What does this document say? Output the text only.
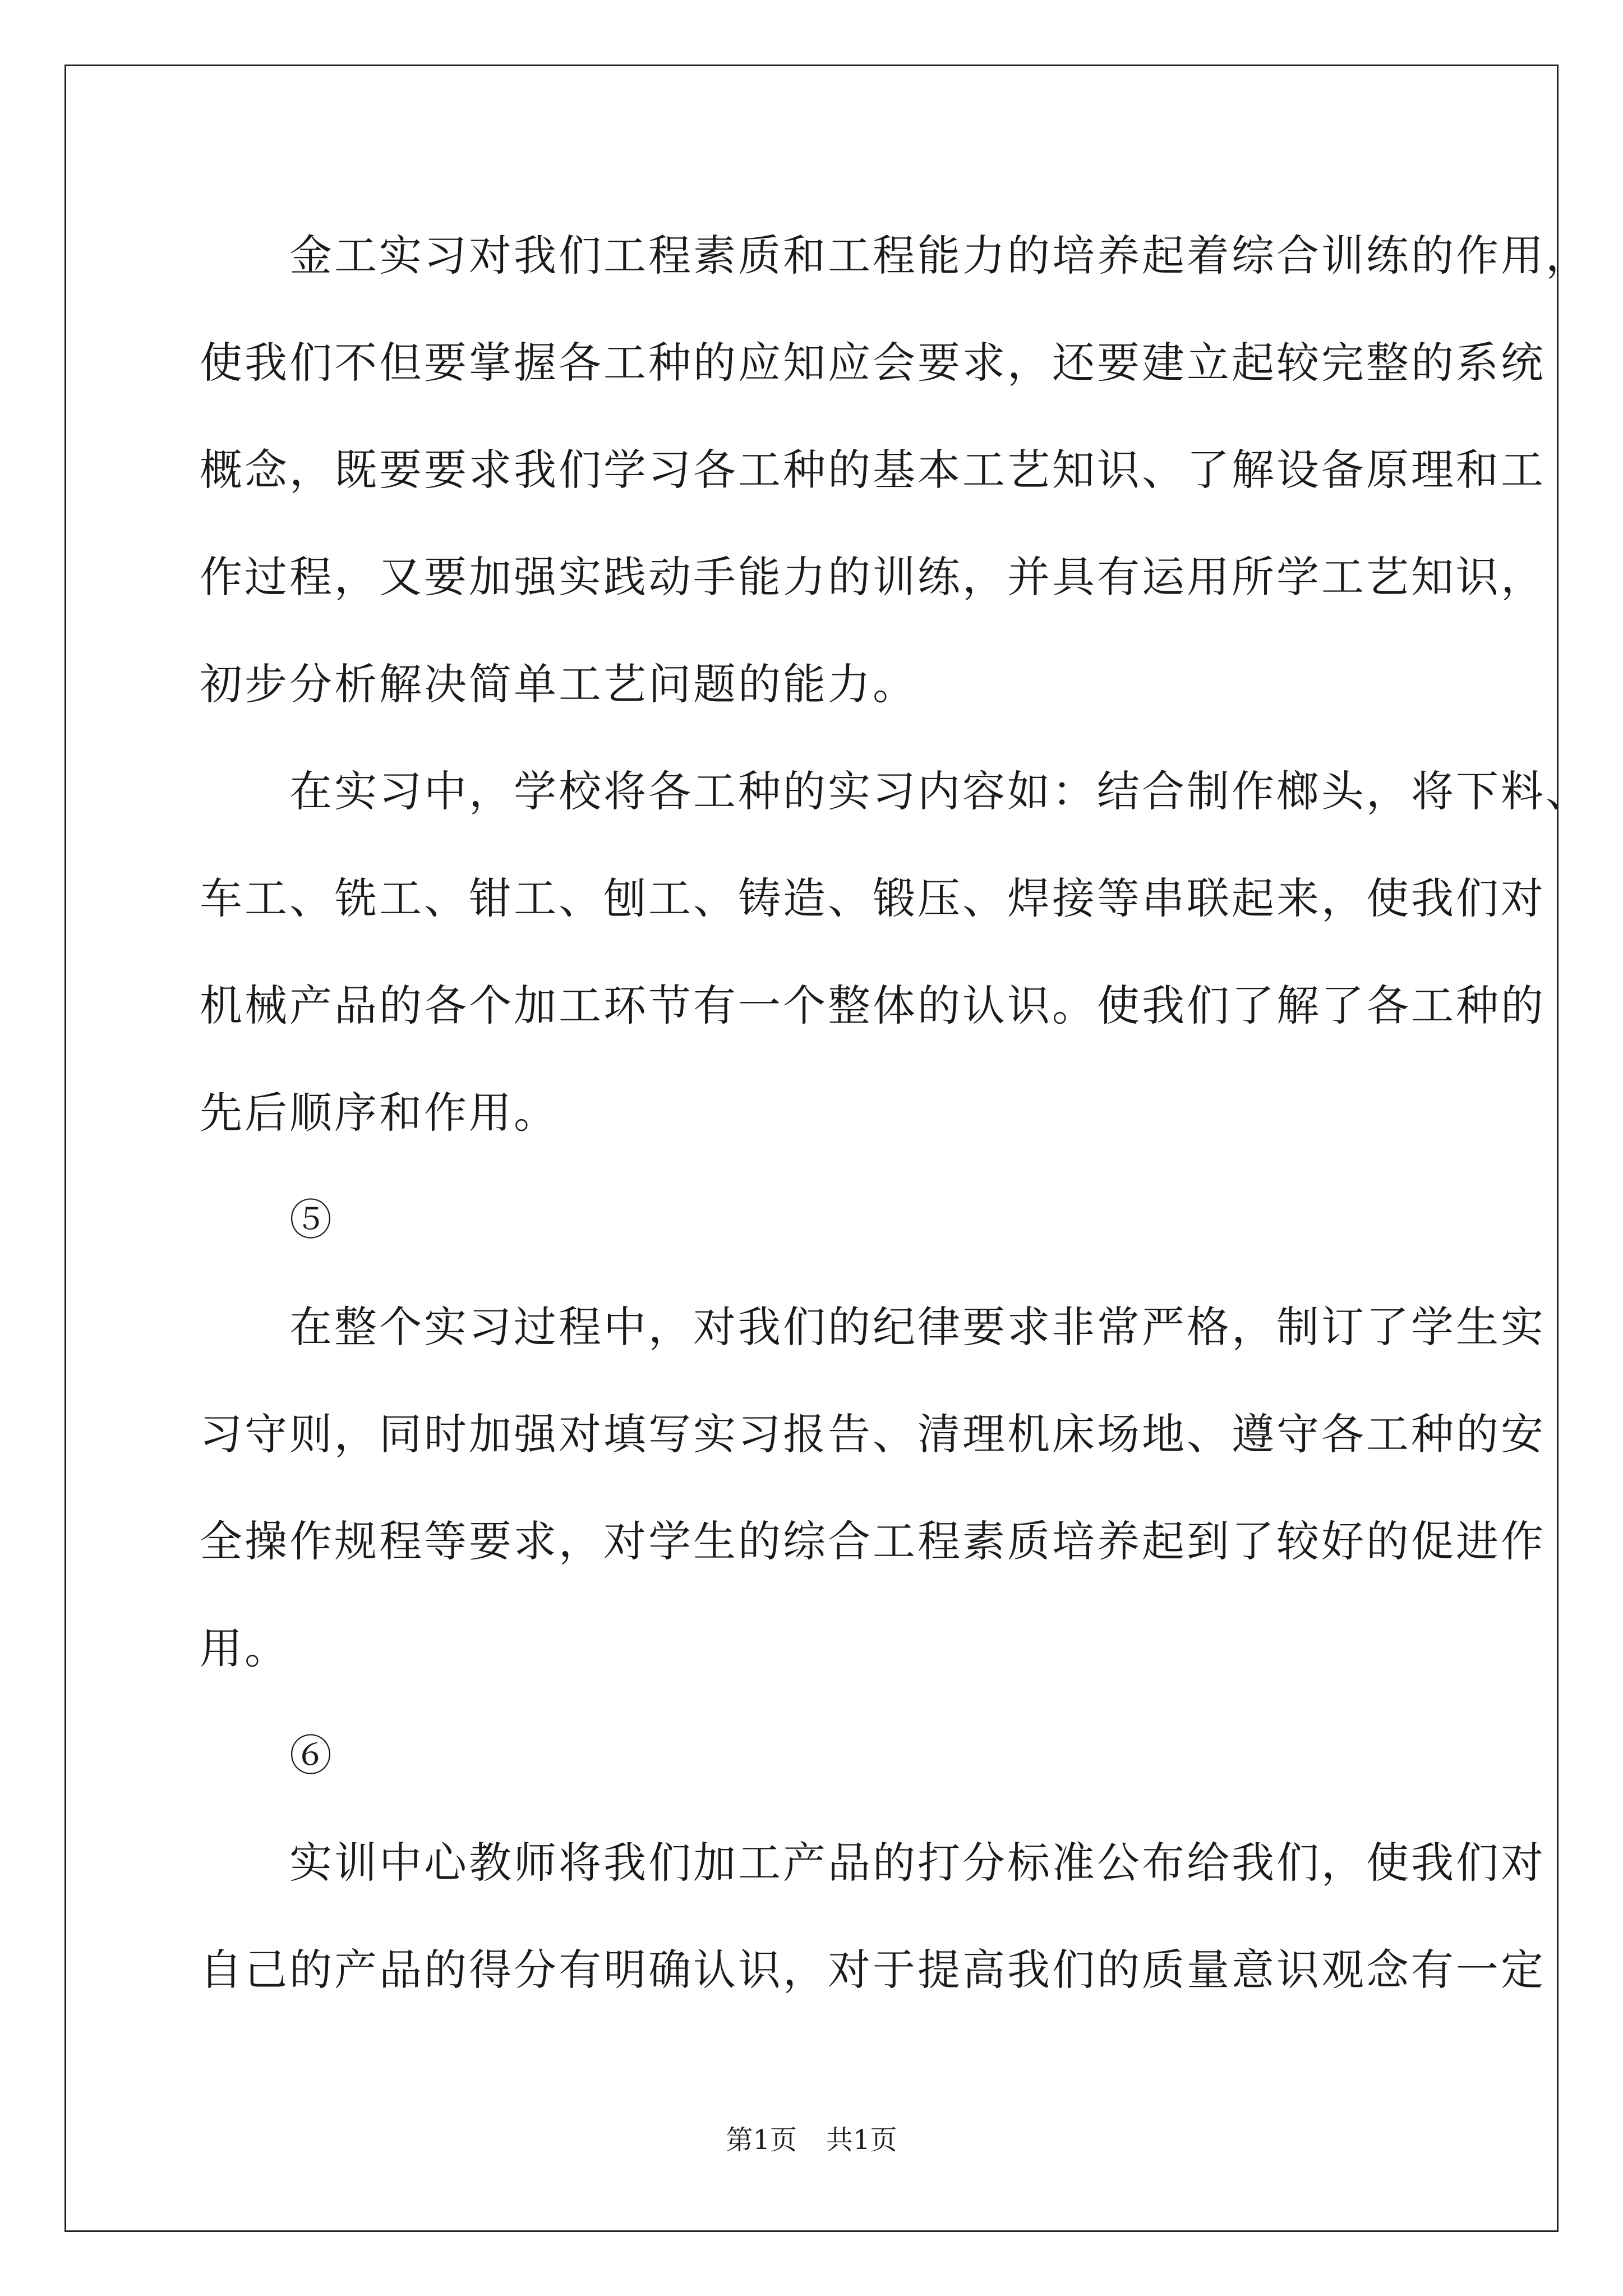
　　金工实习对我们工程素质和工程能力的培养起着综合训练的作用，
使我们不但要掌握各工种的应知应会要求，还要建立起较完整的系统
概念，既要要求我们学习各工种的基本工艺知识、了解设备原理和工
作过程，又要加强实践动手能力的训练，并具有运用所学工艺知识，
初步分析解决简单工艺问题的能力。
　　在实习中，学校将各工种的实习内容如：结合制作榔头，将下料、
车工、铣工、钳工、刨工、铸造、锻压、焊接等串联起来，使我们对
机械产品的各个加工环节有一个整体的认识。使我们了解了各工种的
先后顺序和作用。
　　⑤
　　在整个实习过程中，对我们的纪律要求非常严格，制订了学生实
习守则，同时加强对填写实习报告、清理机床场地、遵守各工种的安
全操作规程等要求，对学生的综合工程素质培养起到了较好的促进作
用。
　　⑥
　　实训中心教师将我们加工产品的打分标准公布给我们，使我们对
自己的产品的得分有明确认识，对于提高我们的质量意识观念有一定
第1页 共1页
